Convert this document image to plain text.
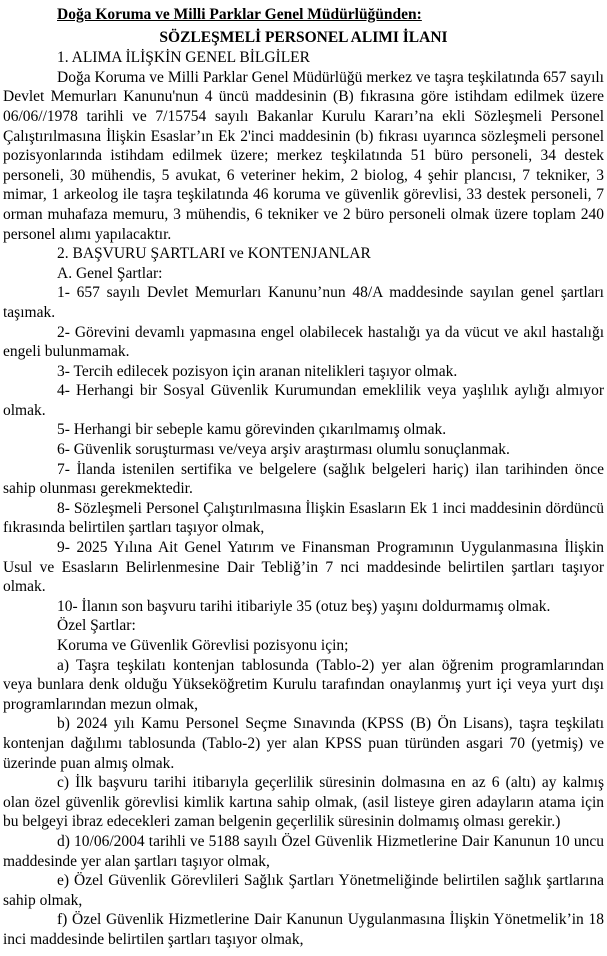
Doğa Koruma ve Milli Parklar Genel Müdürlüğünden:

SÖZLEŞMELİ PERSONEL ALIMI İLANI

1. ALIMA İLİŞKİN GENEL BİLGİLER

Doğa Koruma ve Milli Parklar Genel Müdürlüğü merkez ve taşra teşkilatında 657 sayılı Devlet Memurları Kanunu'nun 4 üncü maddesinin (B) fıkrasına göre istihdam edilmek üzere 06/06//1978 tarihli ve 7/15754 sayılı Bakanlar Kurulu Kararı’na ekli Sözleşmeli Personel Çalıştırılmasına İlişkin Esaslar’ın Ek 2'inci maddesinin (b) fıkrası uyarınca sözleşmeli personel pozisyonlarında istihdam edilmek üzere; merkez teşkilatında 51 büro personeli, 34 destek personeli, 30 mühendis, 5 avukat, 6 veteriner hekim, 2 biolog, 4 şehir plancısı, 7 tekniker, 3 mimar, 1 arkeolog ile taşra teşkilatında 46 koruma ve güvenlik görevlisi, 33 destek personeli, 7 orman muhafaza memuru, 3 mühendis, 6 tekniker ve 2 büro personeli olmak üzere toplam 240 personel alımı yapılacaktır.

2. BAŞVURU ŞARTLARI ve KONTENJANLAR

A. Genel Şartlar:

1- 657 sayılı Devlet Memurları Kanunu’nun 48/A maddesinde sayılan genel şartları taşımak.

2- Görevini devamlı yapmasına engel olabilecek hastalığı ya da vücut ve akıl hastalığı engeli bulunmamak.

3- Tercih edilecek pozisyon için aranan nitelikleri taşıyor olmak.

4- Herhangi bir Sosyal Güvenlik Kurumundan emeklilik veya yaşlılık aylığı almıyor olmak.

5- Herhangi bir sebeple kamu görevinden çıkarılmamış olmak.

6- Güvenlik soruşturması ve/veya arşiv araştırması olumlu sonuçlanmak.

7- İlanda istenilen sertifika ve belgelere (sağlık belgeleri hariç) ilan tarihinden önce sahip olunması gerekmektedir.

8- Sözleşmeli Personel Çalıştırılmasına İlişkin Esasların Ek 1 inci maddesinin dördüncü fıkrasında belirtilen şartları taşıyor olmak,

9- 2025 Yılına Ait Genel Yatırım ve Finansman Programının Uygulanmasına İlişkin Usul ve Esasların Belirlenmesine Dair Tebliğ’in 7 nci maddesinde belirtilen şartları taşıyor olmak.

10- İlanın son başvuru tarihi itibariyle 35 (otuz beş) yaşını doldurmamış olmak.

Özel Şartlar:

Koruma ve Güvenlik Görevlisi pozisyonu için;

a) Taşra teşkilatı kontenjan tablosunda (Tablo-2) yer alan öğrenim programlarından veya bunlara denk olduğu Yükseköğretim Kurulu tarafından onaylanmış yurt içi veya yurt dışı programlarından mezun olmak,

b) 2024 yılı Kamu Personel Seçme Sınavında (KPSS (B) Ön Lisans), taşra teşkilatı kontenjan dağılımı tablosunda (Tablo-2) yer alan KPSS puan türünden asgari 70 (yetmiş) ve üzerinde puan almış olmak.

c) İlk başvuru tarihi itibarıyla geçerlilik süresinin dolmasına en az 6 (altı) ay kalmış olan özel güvenlik görevlisi kimlik kartına sahip olmak, (asil listeye giren adayların atama için bu belgeyi ibraz edecekleri zaman belgenin geçerlilik süresinin dolmamış olması gerekir.)

d) 10/06/2004 tarihli ve 5188 sayılı Özel Güvenlik Hizmetlerine Dair Kanunun 10 uncu maddesinde yer alan şartları taşıyor olmak,

e) Özel Güvenlik Görevlileri Sağlık Şartları Yönetmeliğinde belirtilen sağlık şartlarına sahip olmak,

f) Özel Güvenlik Hizmetlerine Dair Kanunun Uygulanmasına İlişkin Yönetmelik’in 18 inci maddesinde belirtilen şartları taşıyor olmak,
